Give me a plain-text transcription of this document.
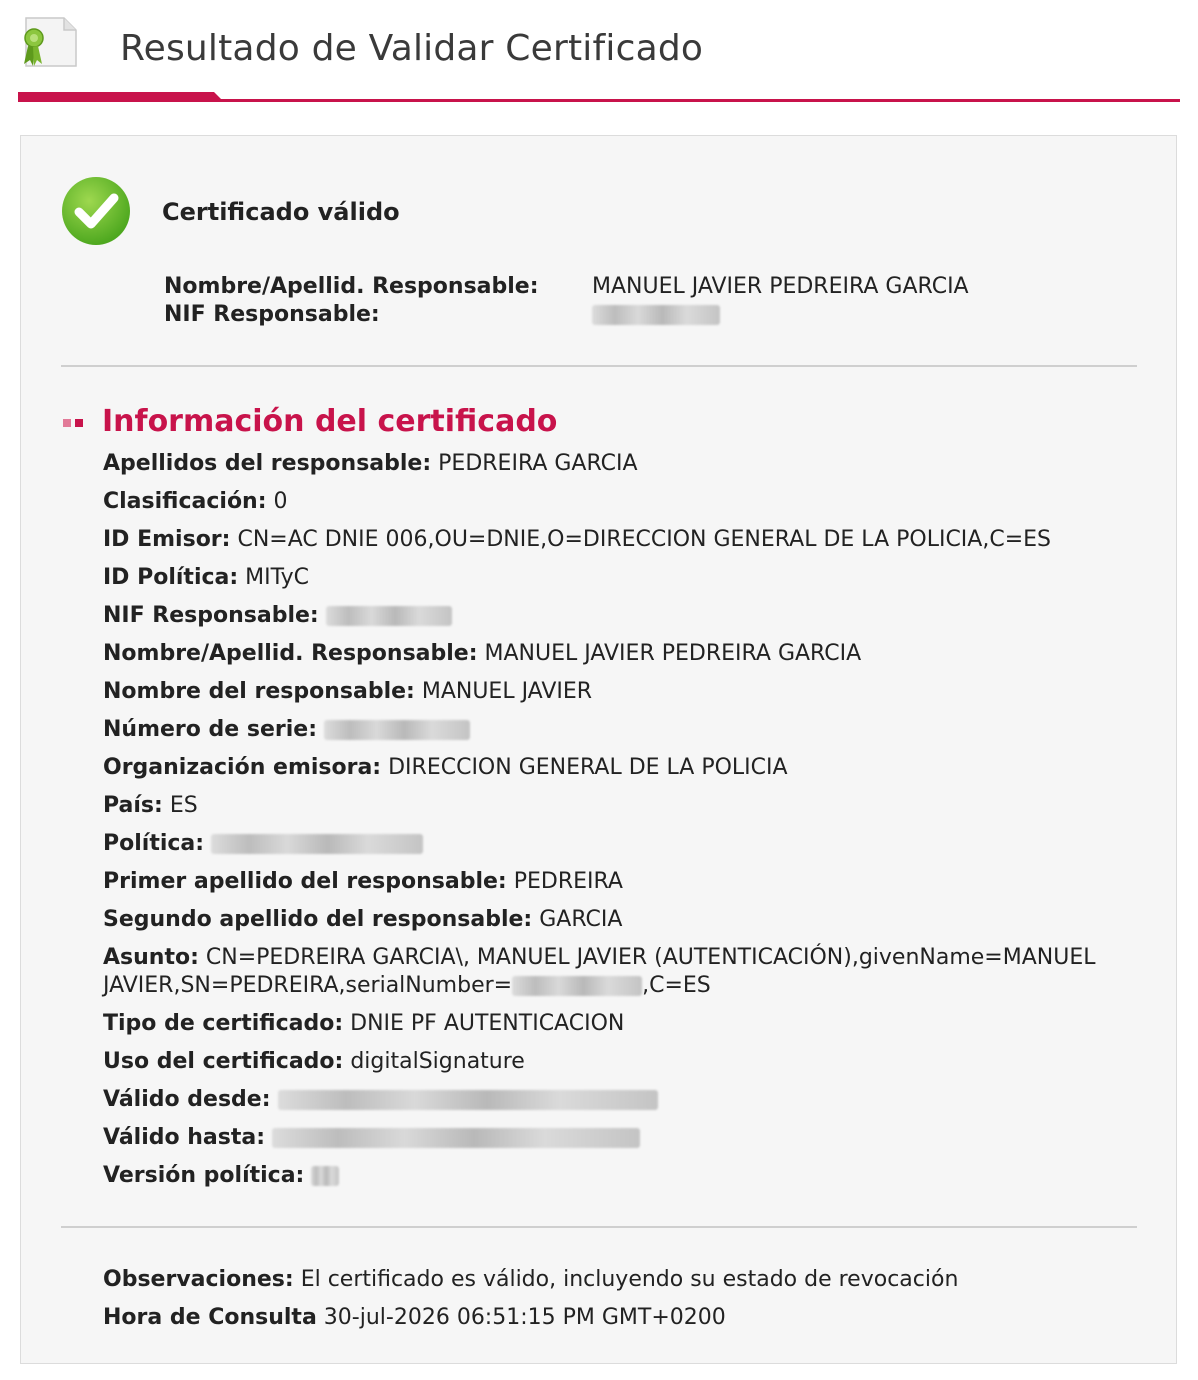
Resultado de Validar Certificado
Certificado válido
Nombre/Apellid. Responsable: MANUEL JAVIER PEDREIRA GARCIA
NIF Responsable:
Información del certificado
Apellidos del responsable: PEDREIRA GARCIA
Clasificación: 0
ID Emisor: CN=AC DNIE 006,OU=DNIE,O=DIRECCION GENERAL DE LA POLICIA,C=ES
ID Política: MITyC
NIF Responsable:
Nombre/Apellid. Responsable: MANUEL JAVIER PEDREIRA GARCIA
Nombre del responsable: MANUEL JAVIER
Número de serie:
Organización emisora: DIRECCION GENERAL DE LA POLICIA
País: ES
Política:
Primer apellido del responsable: PEDREIRA
Segundo apellido del responsable: GARCIA
Asunto: CN=PEDREIRA GARCIA\, MANUEL JAVIER (AUTENTICACIÓN),givenName=MANUEL JAVIER,SN=PEDREIRA,serialNumber=	,C=ES
Tipo de certificado: DNIE PF AUTENTICACION
Uso del certificado: digitalSignature
Válido desde:
Válido hasta:
Versión política:
Observaciones: El certificado es válido, incluyendo su estado de revocación
Hora de Consulta 30-jul-2026 06:51:15 PM GMT+0200
